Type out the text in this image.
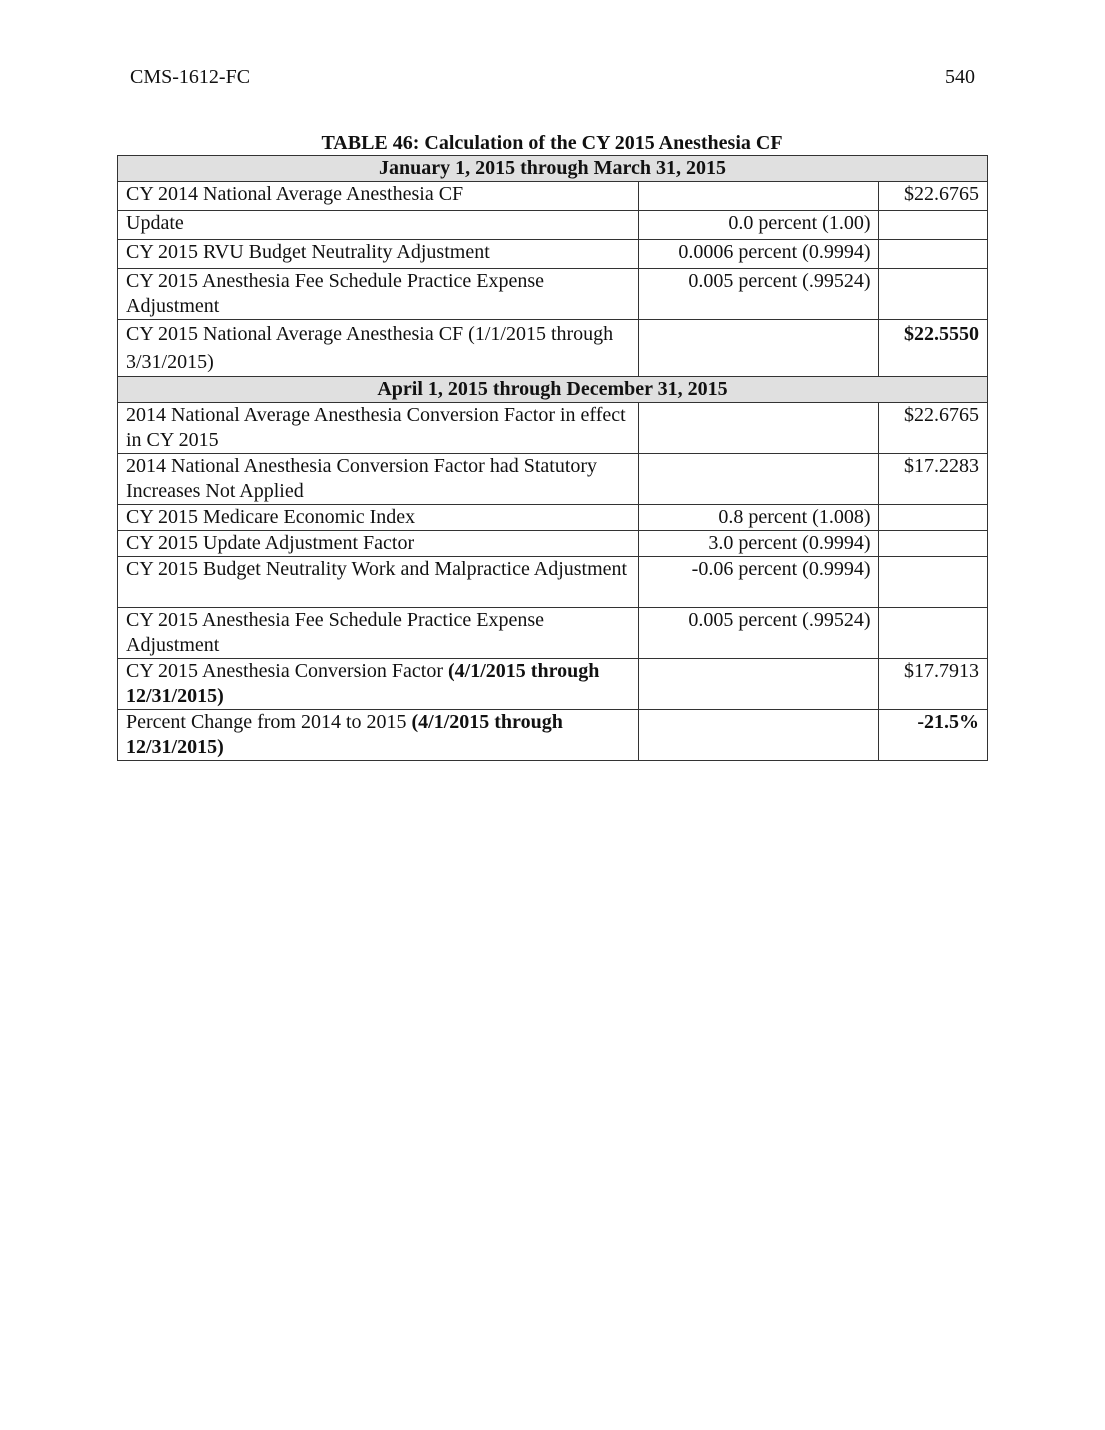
CMS-1612-FC	540
TABLE 46: Calculation of the CY 2015 Anesthesia CF
January 1, 2015 through March 31, 2015		
CY 2014 National Average Anesthesia CF		$22.6765
Update	0.0 percent (1.00)	
CY 2015 RVU Budget Neutrality Adjustment	0.0006 percent (0.9994)	
CY 2015 Anesthesia Fee Schedule Practice Expense Adjustment	0.005 percent (.99524)	
CY 2015 National Average Anesthesia CF (1/1/2015 through 3/31/2015)		$22.5550
April 1, 2015 through December 31, 2015		
2014 National Average Anesthesia Conversion Factor in effect in CY 2015		$22.6765
2014 National Anesthesia Conversion Factor had Statutory Increases Not Applied		$17.2283
CY 2015 Medicare Economic Index	0.8 percent (1.008)	
CY 2015 Update Adjustment Factor	3.0 percent (0.9994)	
CY 2015 Budget Neutrality Work and Malpractice Adjustment	-0.06 percent (0.9994)	
CY 2015 Anesthesia Fee Schedule Practice Expense Adjustment	0.005 percent (.99524)	
CY 2015 Anesthesia Conversion Factor (4/1/2015 through 12/31/2015)		$17.7913
Percent Change from 2014 to 2015 (4/1/2015 through 12/31/2015)		-21.5%
